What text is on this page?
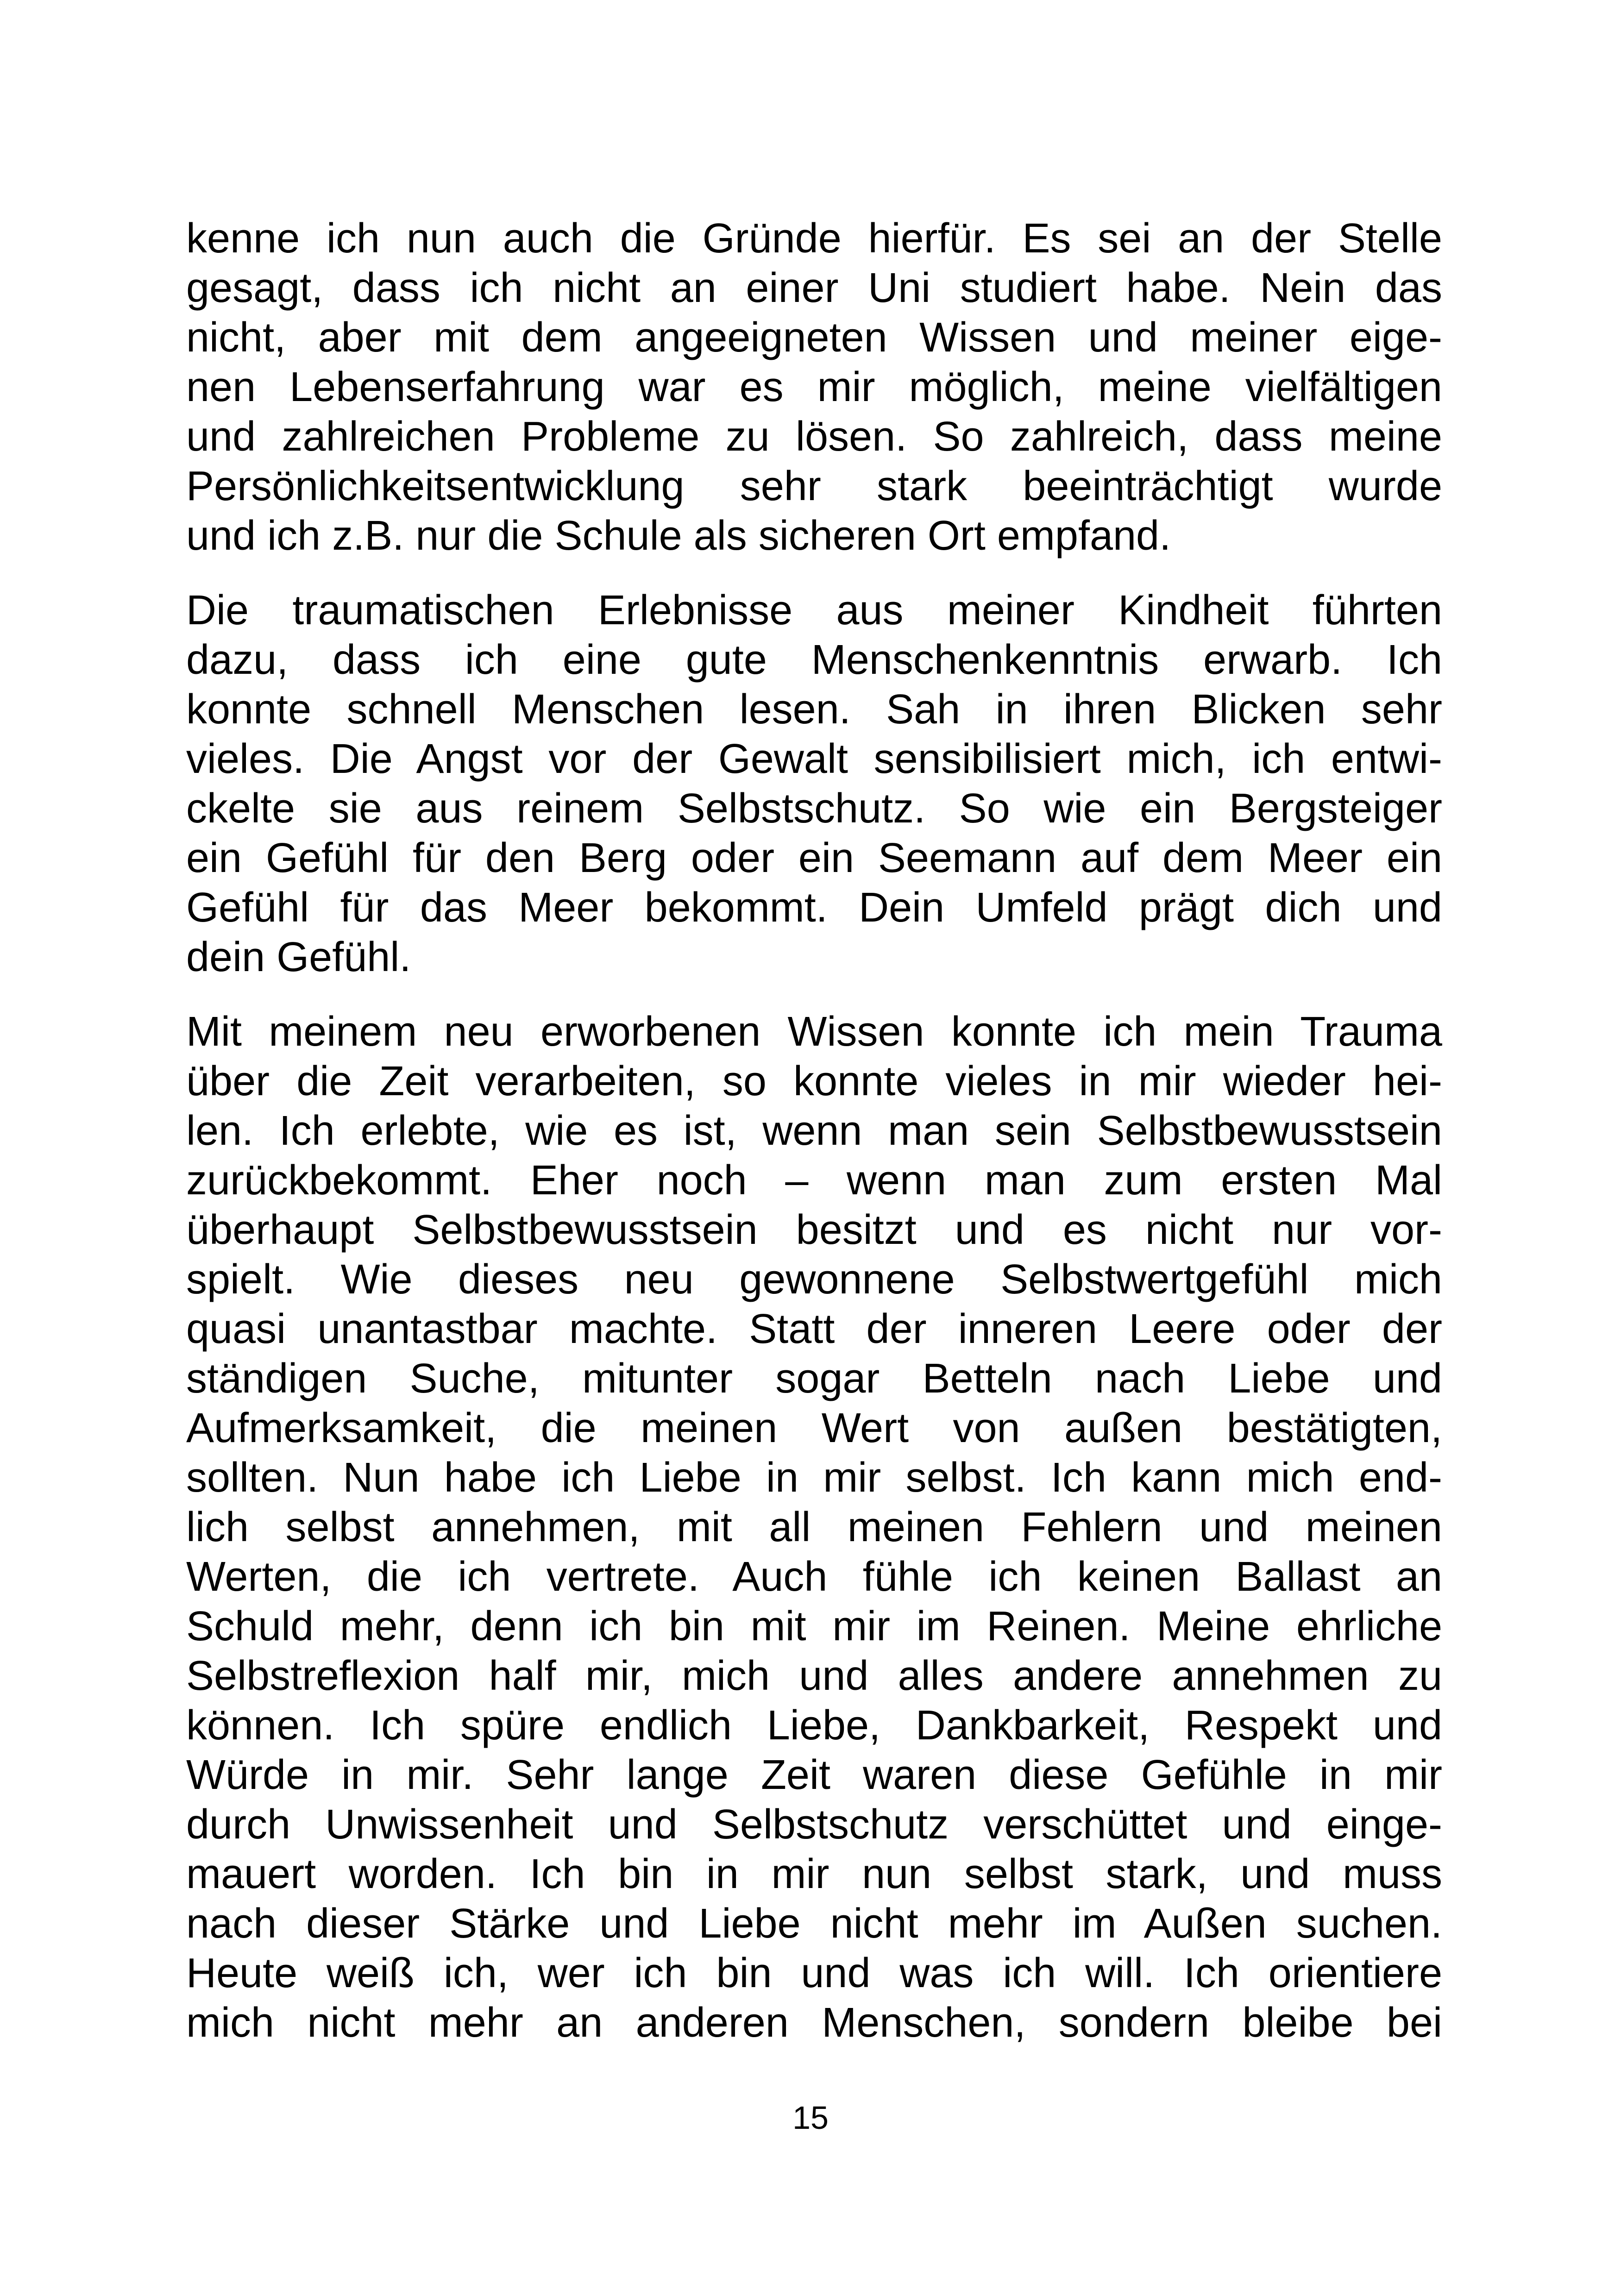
kenne ich nun auch die Gründe hierfür. Es sei an der Stelle
gesagt, dass ich nicht an einer Uni studiert habe. Nein das
nicht, aber mit dem angeeigneten Wissen und meiner eige-
nen Lebenserfahrung war es mir möglich, meine vielfältigen
und zahlreichen Probleme zu lösen. So zahlreich, dass meine
Persönlichkeitsentwicklung sehr stark beeinträchtigt wurde
und ich z.B. nur die Schule als sicheren Ort empfand.
Die traumatischen Erlebnisse aus meiner Kindheit führten
dazu, dass ich eine gute Menschenkenntnis erwarb. Ich
konnte schnell Menschen lesen. Sah in ihren Blicken sehr
vieles. Die Angst vor der Gewalt sensibilisiert mich, ich entwi-
ckelte sie aus reinem Selbstschutz. So wie ein Bergsteiger
ein Gefühl für den Berg oder ein Seemann auf dem Meer ein
Gefühl für das Meer bekommt. Dein Umfeld prägt dich und
dein Gefühl.
Mit meinem neu erworbenen Wissen konnte ich mein Trauma
über die Zeit verarbeiten, so konnte vieles in mir wieder hei-
len. Ich erlebte, wie es ist, wenn man sein Selbstbewusstsein
zurückbekommt. Eher noch – wenn man zum ersten Mal
überhaupt Selbstbewusstsein besitzt und es nicht nur vor-
spielt. Wie dieses neu gewonnene Selbstwertgefühl mich
quasi unantastbar machte. Statt der inneren Leere oder der
ständigen Suche, mitunter sogar Betteln nach Liebe und
Aufmerksamkeit, die meinen Wert von außen bestätigten,
sollten. Nun habe ich Liebe in mir selbst. Ich kann mich end-
lich selbst annehmen, mit all meinen Fehlern und meinen
Werten, die ich vertrete. Auch fühle ich keinen Ballast an
Schuld mehr, denn ich bin mit mir im Reinen. Meine ehrliche
Selbstreflexion half mir, mich und alles andere annehmen zu
können. Ich spüre endlich Liebe, Dankbarkeit, Respekt und
Würde in mir. Sehr lange Zeit waren diese Gefühle in mir
durch Unwissenheit und Selbstschutz verschüttet und einge-
mauert worden. Ich bin in mir nun selbst stark, und muss
nach dieser Stärke und Liebe nicht mehr im Außen suchen.
Heute weiß ich, wer ich bin und was ich will. Ich orientiere
mich nicht mehr an anderen Menschen, sondern bleibe bei
15
